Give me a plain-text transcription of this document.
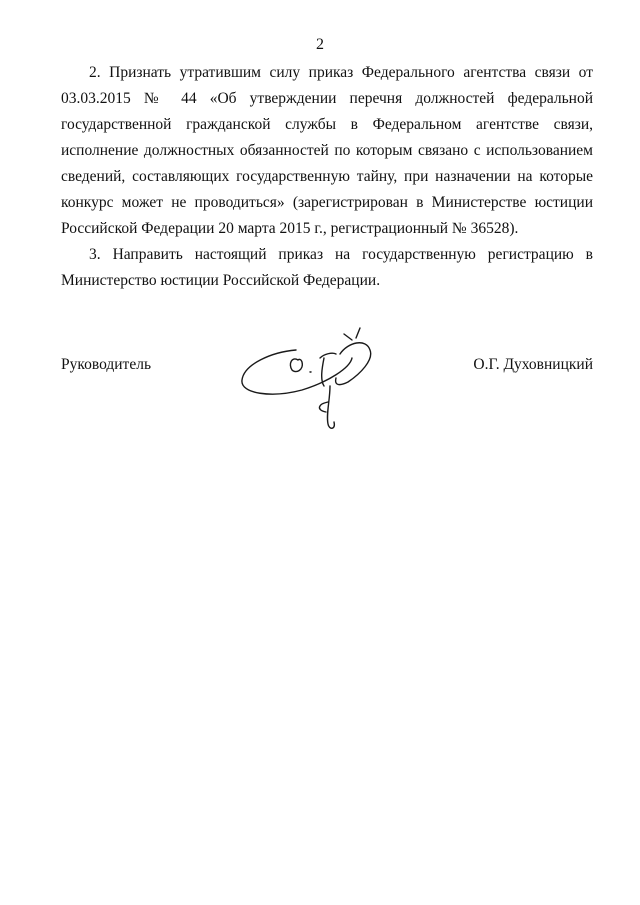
2

2. Признать утратившим силу приказ Федерального агентства связи от 03.03.2015 № 44 «Об утверждении перечня должностей федеральной государственной гражданской службы в Федеральном агентстве связи, исполнение должностных обязанностей по которым связано с использованием сведений, составляющих государственную тайну, при назначении на которые конкурс может не проводиться» (зарегистрирован в Министерстве юстиции Российской Федерации 20 марта 2015 г., регистрационный № 36528).

3. Направить настоящий приказ на государственную регистрацию в Министерство юстиции Российской Федерации.

Руководитель	О.Г. Духовницкий
